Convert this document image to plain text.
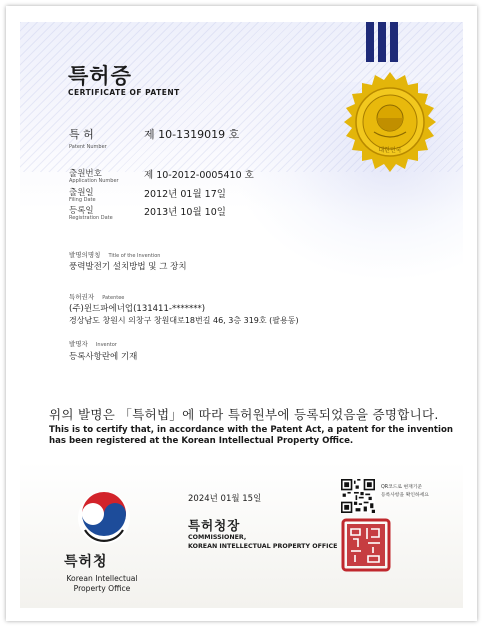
대한민국
특허증
CERTIFICATE OF PATENT
특 허
Patent Number
제 10-1319019 호
출원번호
Application Number	제 10-2012-0005410 호
출원일
Filing Date	2012년 01월 17일
등록일
Registration Date	2013년 10월 10일
발명의명칭 Title of the Invention
풍력발전기 설치방법 및 그 장치
특허권자 Patentee
(주)윈드파에너업(131411-*******)
경상남도 창원시 의창구 창원대로18번길 46, 3층 319호 (팔용동)
발명자 Inventor
등록사항란에 기재
위의 발명은 「특허법」에 따라 특허원부에 등록되었음을 증명합니다.
This is to certify that, in accordance with the Patent Act, a patent for the invention
has been registered at the Korean Intellectual Property Office.
2024년 01월 15일
특허청장
COMMISSIONER,
KOREAN INTELLECTUAL PROPERTY OFFICE
QR코드로 현재기준
등록사항을 확인하세요
특허청
Korean Intellectual
Property Office
